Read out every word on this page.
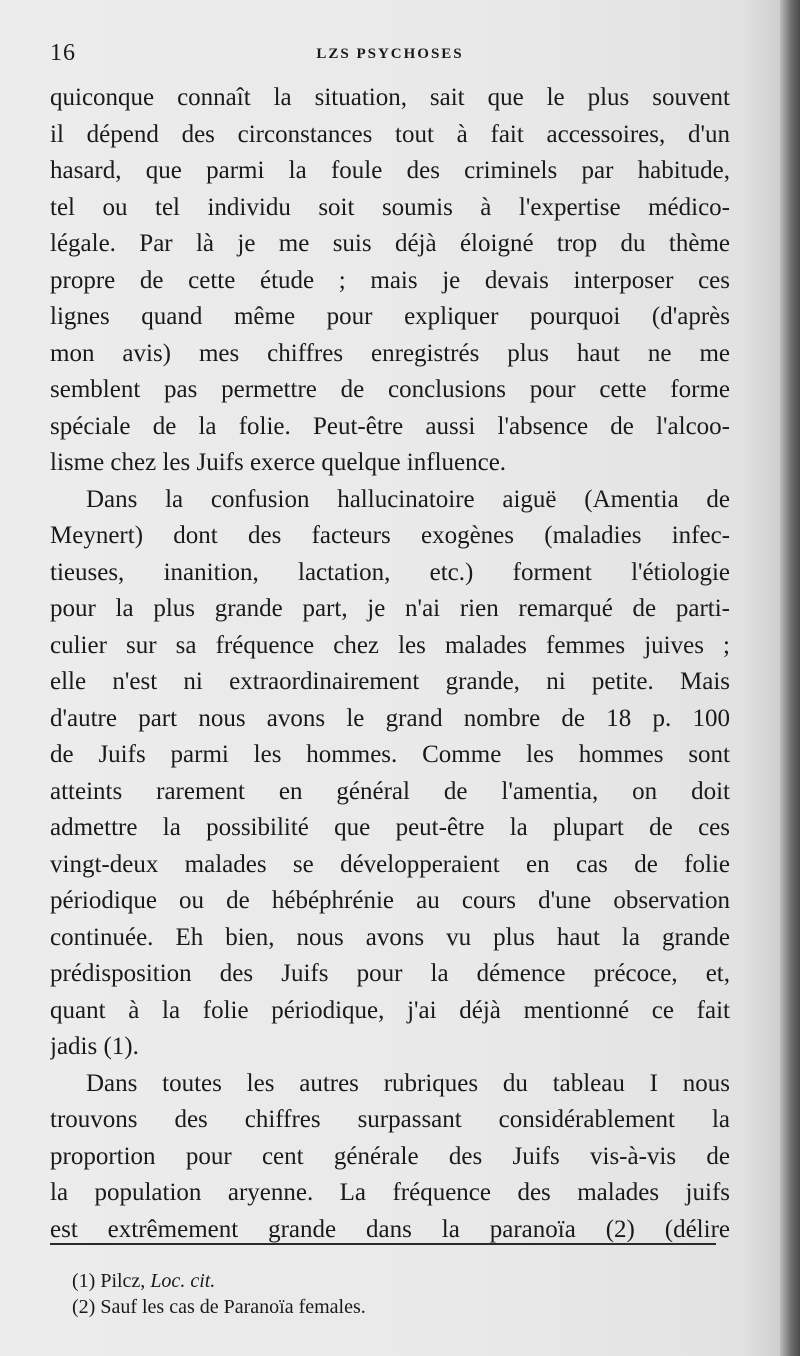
16	LZS PSYCHOSES
quiconque connaît la situation, sait que le plus souvent
il dépend des circonstances tout à fait accessoires, d'un
hasard, que parmi la foule des criminels par habitude,
tel ou tel individu soit soumis à l'expertise médico-
légale. Par là je me suis déjà éloigné trop du thème
propre de cette étude ; mais je devais interposer ces
lignes quand même pour expliquer pourquoi (d'après
mon avis) mes chiffres enregistrés plus haut ne me
semblent pas permettre de conclusions pour cette forme
spéciale de la folie. Peut-être aussi l'absence de l'alcoo-
lisme chez les Juifs exerce quelque influence.
Dans la confusion hallucinatoire aiguë (Amentia de
Meynert) dont des facteurs exogènes (maladies infec-
tieuses, inanition, lactation, etc.) forment l'étiologie
pour la plus grande part, je n'ai rien remarqué de parti-
culier sur sa fréquence chez les malades femmes juives ;
elle n'est ni extraordinairement grande, ni petite. Mais
d'autre part nous avons le grand nombre de 18 p. 100
de Juifs parmi les hommes. Comme les hommes sont
atteints rarement en général de l'amentia, on doit
admettre la possibilité que peut-être la plupart de ces
vingt-deux malades se développeraient en cas de folie
périodique ou de hébéphrénie au cours d'une observation
continuée. Eh bien, nous avons vu plus haut la grande
prédisposition des Juifs pour la démence précoce, et,
quant à la folie périodique, j'ai déjà mentionné ce fait
jadis (1).
Dans toutes les autres rubriques du tableau I nous
trouvons des chiffres surpassant considérablement la
proportion pour cent générale des Juifs vis-à-vis de
la population aryenne. La fréquence des malades juifs
est extrêmement grande dans la paranoïa (2) (délire
(1) Pilcz, Loc. cit.
(2) Sauf les cas de Paranoïa females.
